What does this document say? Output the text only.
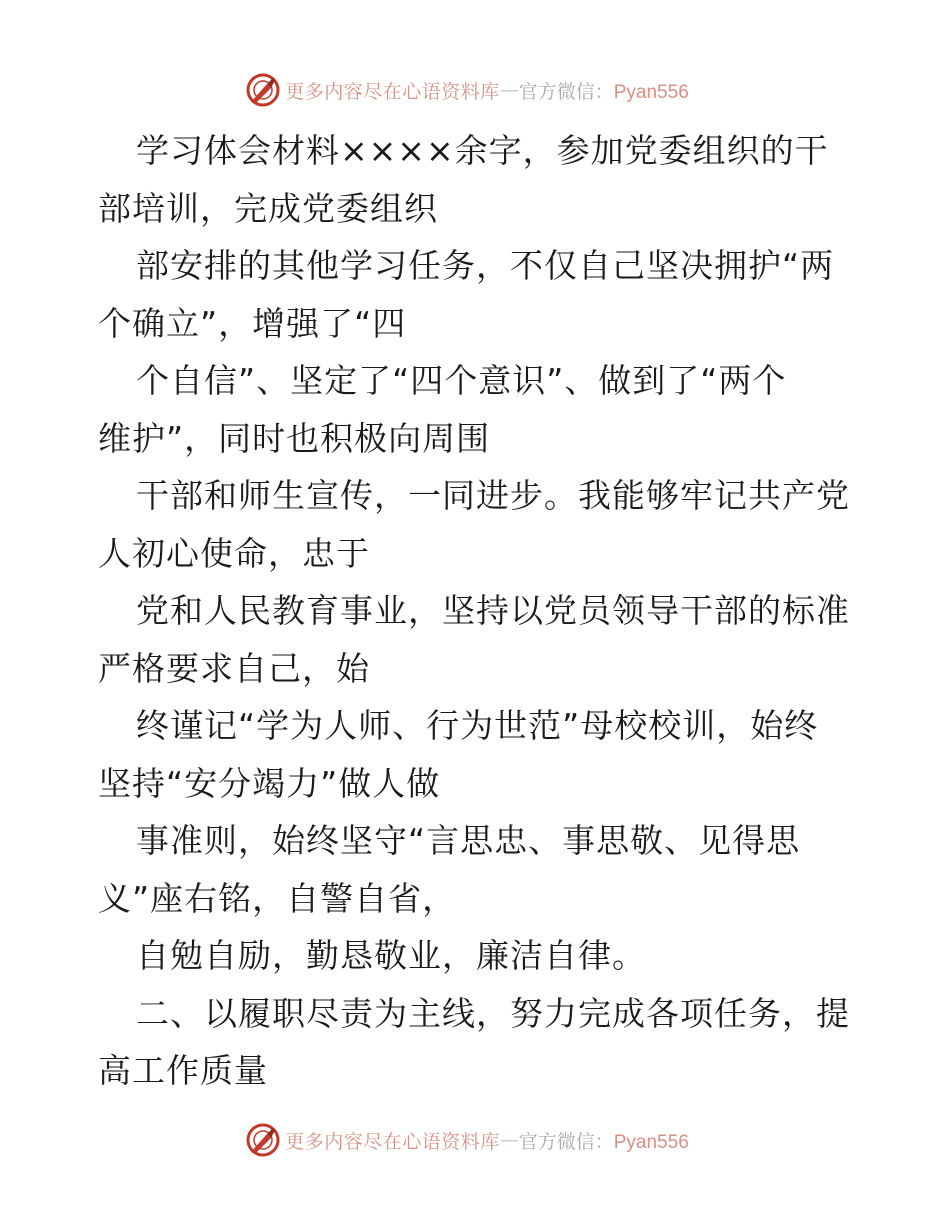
更多内容尽在心语资料库 — 官方微信：Pyan556
学习体会材料××××余字，参加党委组织的干
部培训，完成党委组织
部安排的其他学习任务，不仅自己坚决拥护“两
个确立”，增强了“四
个自信”、坚定了“四个意识”、做到了“两个
维护”，同时也积极向周围
干部和师生宣传，一同进步。我能够牢记共产党
人初心使命，忠于
党和人民教育事业，坚持以党员领导干部的标准
严格要求自己，始
终谨记“学为人师、行为世范”母校校训，始终
坚持“安分竭力”做人做
事准则，始终坚守“言思忠、事思敬、见得思
义”座右铭，自警自省，
自勉自励，勤恳敬业，廉洁自律。
二、以履职尽责为主线，努力完成各项任务，提
高工作质量
更多内容尽在心语资料库 — 官方微信：Pyan556
